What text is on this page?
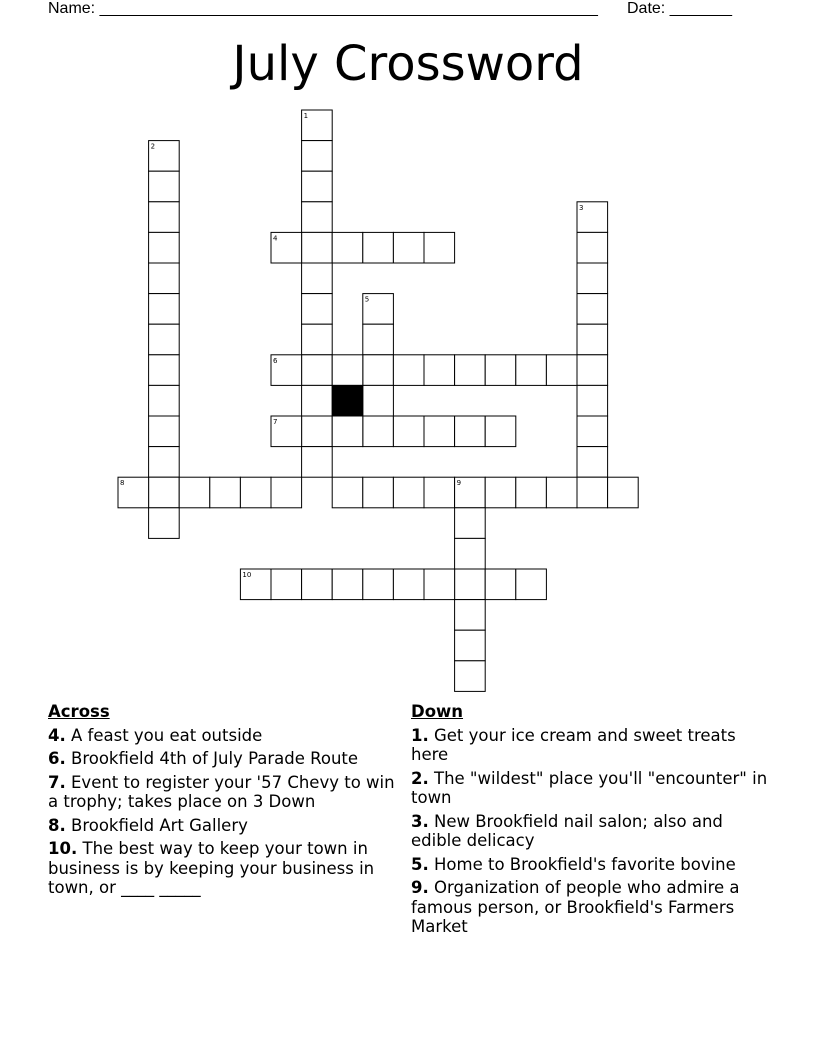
Name: ________________________________________________________ Date: _______
July Crossword
1
2
3
4
5
6
7
8	9
10
Across
4. A feast you eat outside
6. Brookfield 4th of July Parade Route
7. Event to register your '57 Chevy to win a trophy; takes place on 3 Down
8. Brookfield Art Gallery
10. The best way to keep your town in business is by keeping your business in town, or ____ _____
Down
1. Get your ice cream and sweet treats here
2. The "wildest" place you'll "encounter" in town
3. New Brookfield nail salon; also and edible delicacy
5. Home to Brookfield's favorite bovine
9. Organization of people who admire a famous person, or Brookfield's Farmers Market
